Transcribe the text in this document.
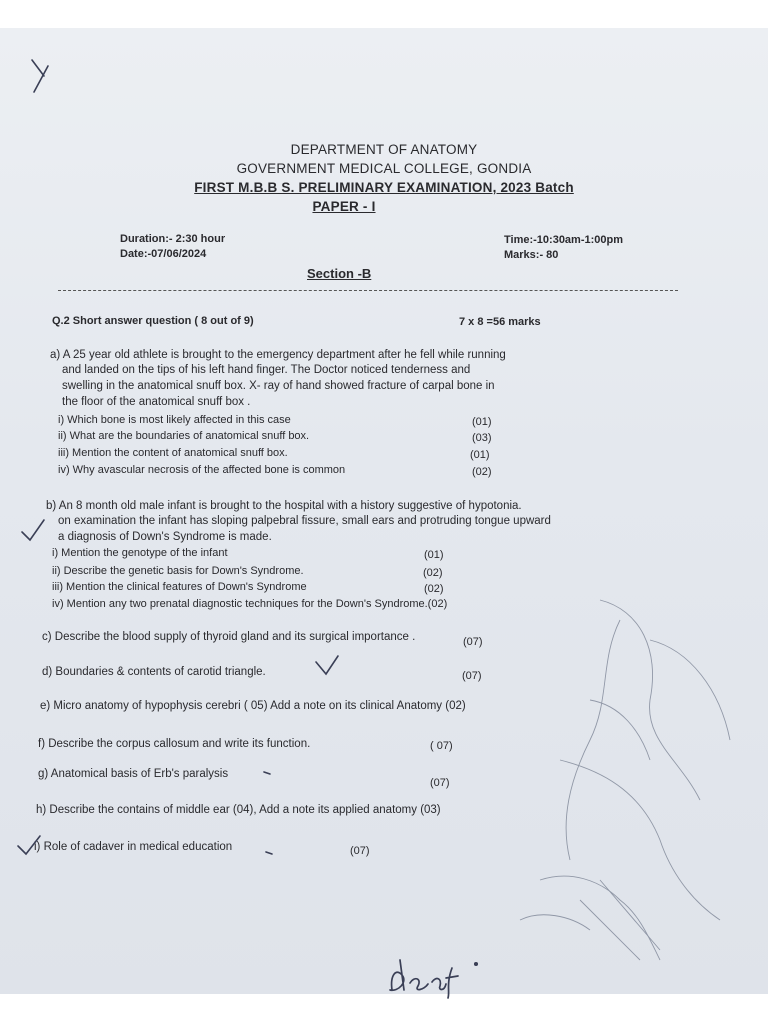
DEPARTMENT OF ANATOMY
GOVERNMENT MEDICAL COLLEGE, GONDIA
FIRST M.B.B S. PRELIMINARY EXAMINATION, 2023 Batch
PAPER - I
Duration:- 2:30 hour
Date:-07/06/2024
Time:-10:30am-1:00pm
Marks:- 80
Section -B
Q.2 Short answer question ( 8 out of 9)	7 x 8 =56 marks
a) A 25 year old athlete is brought to the emergency department after he fell while running
and landed on the tips of his left hand finger. The Doctor noticed tenderness and
swelling in the anatomical snuff box. X- ray of hand showed fracture of carpal bone in
the floor of the anatomical snuff box .
i) Which bone is most likely affected in this case	(01)
ii) What are the boundaries of anatomical snuff box.	(03)
iii) Mention the content of anatomical snuff box.	(01)
iv) Why avascular necrosis of the affected bone is common	(02)
b) An 8 month old male infant is brought to the hospital with a history suggestive of hypotonia.
on examination the infant has sloping palpebral fissure, small ears and protruding tongue upward
a diagnosis of Down's Syndrome is made.
i) Mention the genotype of the infant	(01)
ii) Describe the genetic basis for Down's Syndrome.	(02)
iii) Mention the clinical features of Down's Syndrome	(02)
iv) Mention any two prenatal diagnostic techniques for the Down's Syndrome.(02)
c) Describe the blood supply of thyroid gland and its surgical importance .	(07)
d) Boundaries & contents of carotid triangle.	(07)
e) Micro anatomy of hypophysis cerebri ( 05) Add a note on its clinical Anatomy (02)
f) Describe the corpus callosum and write its function.	( 07)
g) Anatomical basis of Erb's paralysis
(07)
h) Describe the contains of middle ear (04), Add a note its applied anatomy (03)
i) Role of cadaver in medical education	(07)
deaf
